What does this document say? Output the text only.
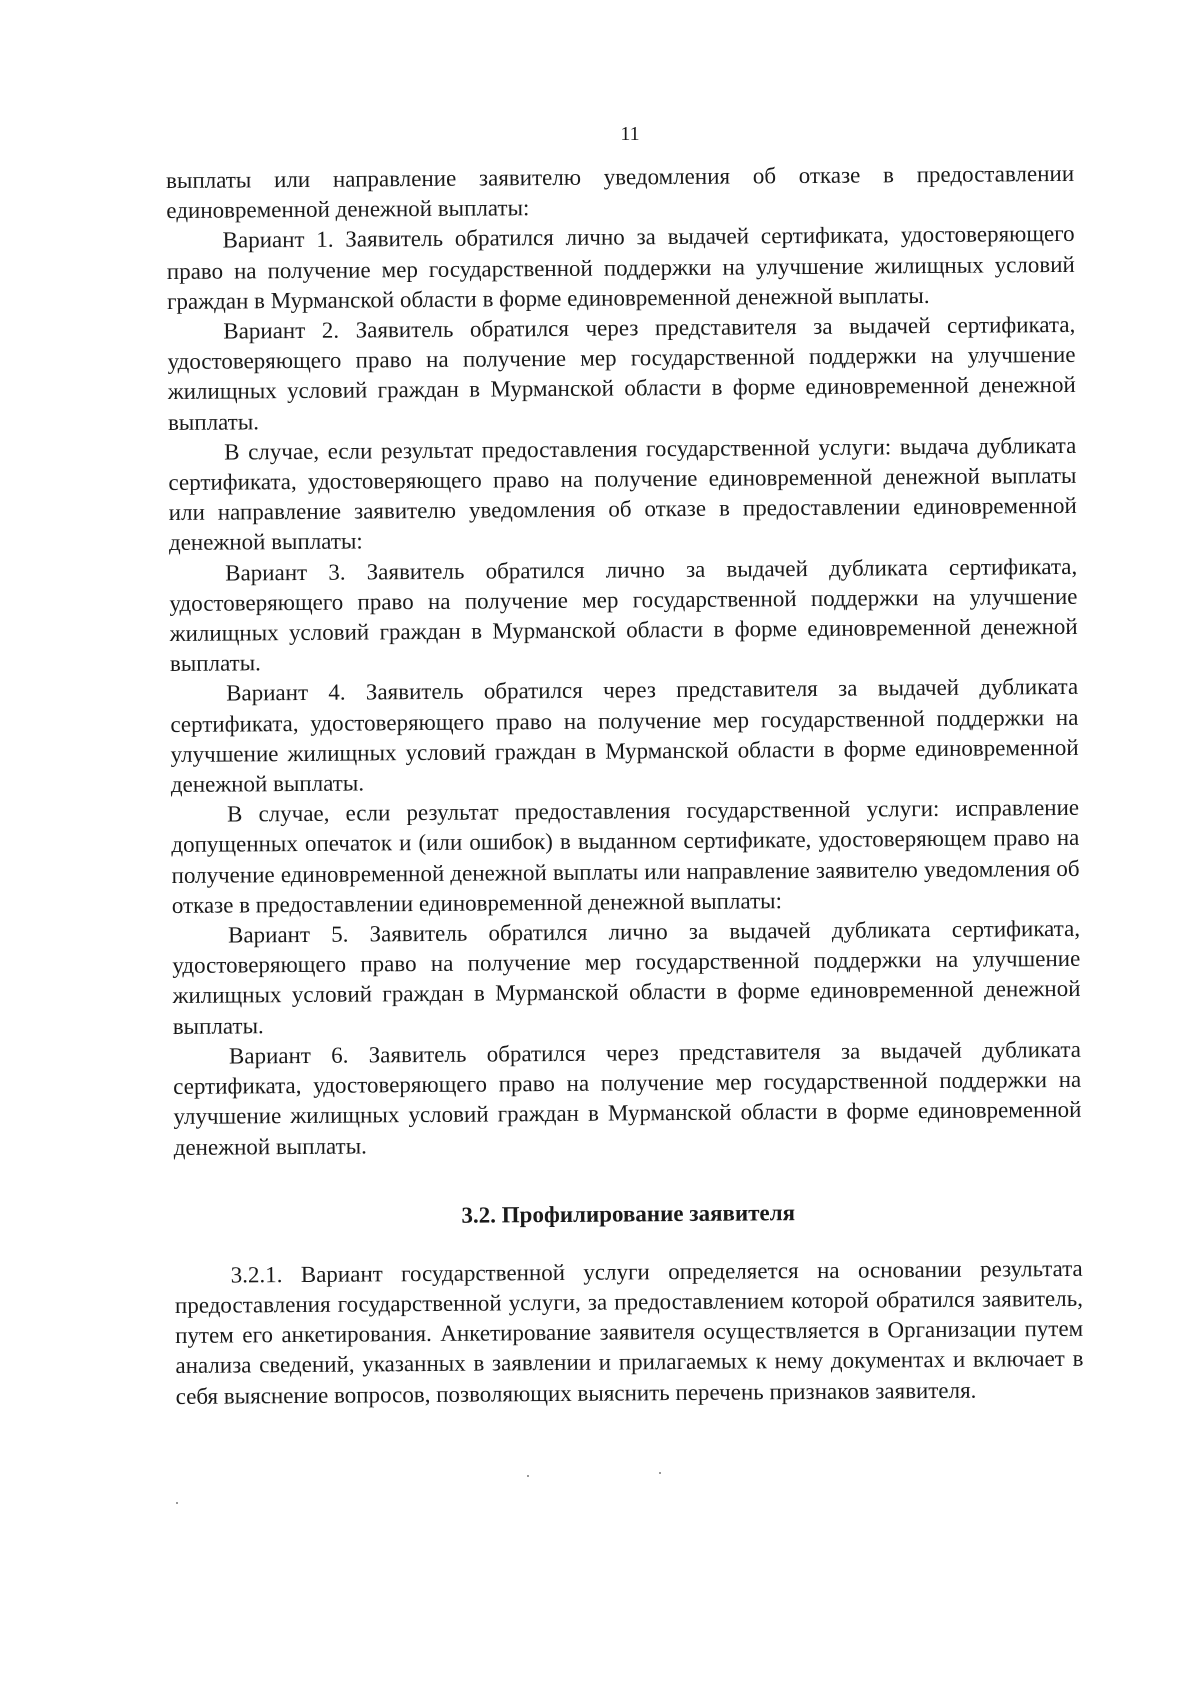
11

выплаты или направление заявителю уведомления об отказе в предоставлении единовременной денежной выплаты:

Вариант 1. Заявитель обратился лично за выдачей сертификата, удостоверяющего право на получение мер государственной поддержки на улучшение жилищных условий граждан в Мурманской области в форме единовременной денежной выплаты.

Вариант 2. Заявитель обратился через представителя за выдачей сертификата, удостоверяющего право на получение мер государственной поддержки на улучшение жилищных условий граждан в Мурманской области в форме единовременной денежной выплаты.

В случае, если результат предоставления государственной услуги: выдача дубликата сертификата, удостоверяющего право на получение единовременной денежной выплаты или направление заявителю уведомления об отказе в предоставлении единовременной денежной выплаты:

Вариант 3. Заявитель обратился лично за выдачей дубликата сертификата, удостоверяющего право на получение мер государственной поддержки на улучшение жилищных условий граждан в Мурманской области в форме единовременной денежной выплаты.

Вариант 4. Заявитель обратился через представителя за выдачей дубликата сертификата, удостоверяющего право на получение мер государственной поддержки на улучшение жилищных условий граждан в Мурманской области в форме единовременной денежной выплаты.

В случае, если результат предоставления государственной услуги: исправление допущенных опечаток и (или ошибок) в выданном сертификате, удостоверяющем право на получение единовременной денежной выплаты или направление заявителю уведомления об отказе в предоставлении единовременной денежной выплаты:

Вариант 5. Заявитель обратился лично за выдачей дубликата сертификата, удостоверяющего право на получение мер государственной поддержки на улучшение жилищных условий граждан в Мурманской области в форме единовременной денежной выплаты.

Вариант 6. Заявитель обратился через представителя за выдачей дубликата сертификата, удостоверяющего право на получение мер государственной поддержки на улучшение жилищных условий граждан в Мурманской области в форме единовременной денежной выплаты.

3.2. Профилирование заявителя

3.2.1. Вариант государственной услуги определяется на основании результата предоставления государственной услуги, за предоставлением которой обратился заявитель, путем его анкетирования. Анкетирование заявителя осуществляется в Организации путем анализа сведений, указанных в заявлении и прилагаемых к нему документах и включает в себя выяснение вопросов, позволяющих выяснить перечень признаков заявителя.
